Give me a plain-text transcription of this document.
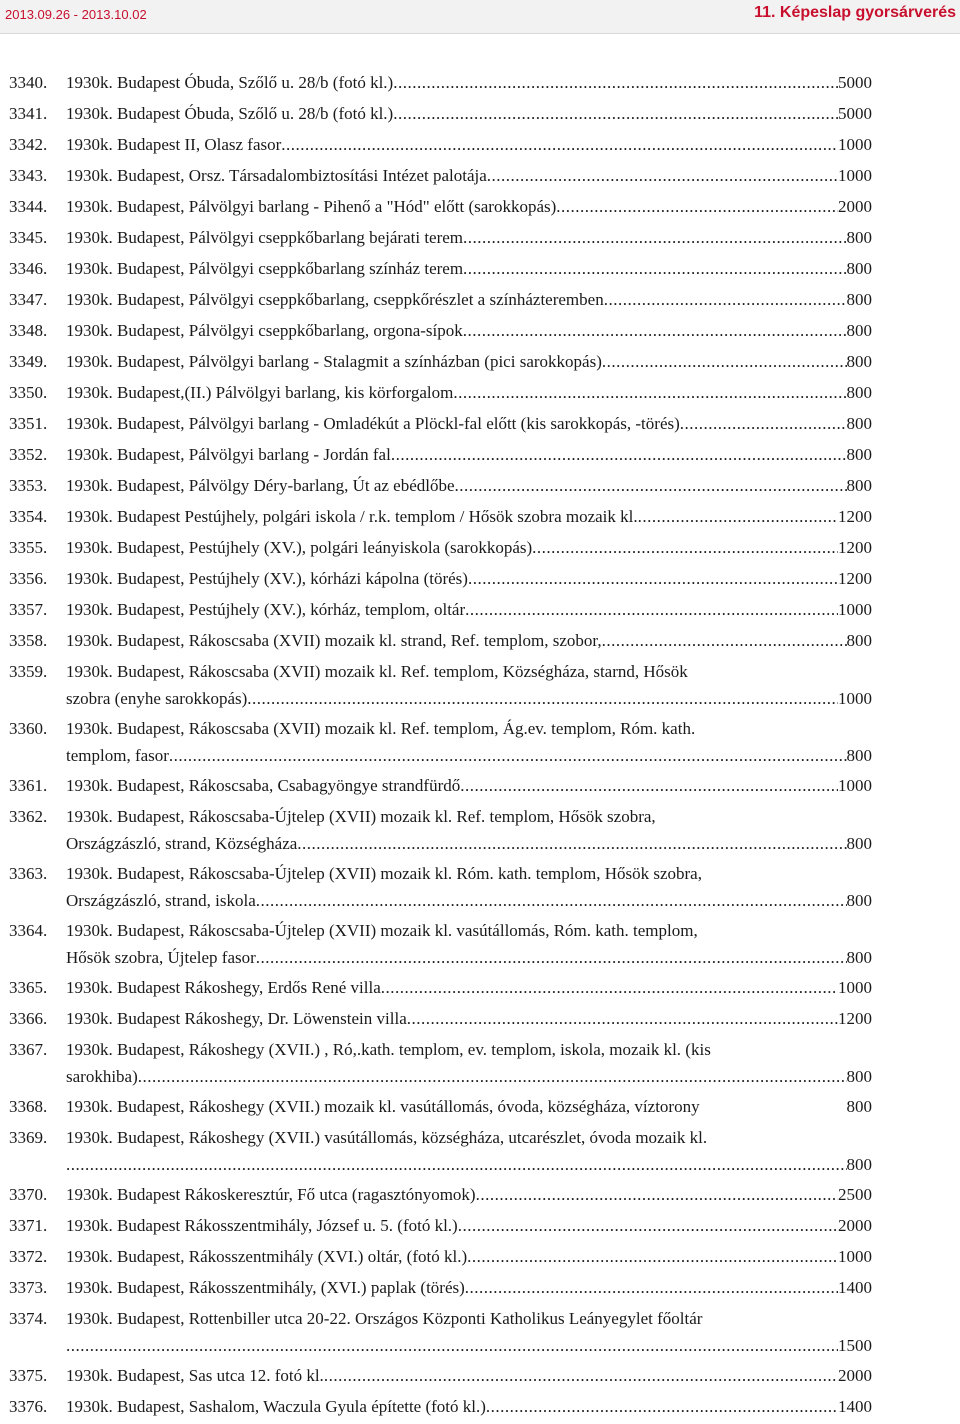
2013.09.26 - 2013.10.02	11. Képeslap gyorsárverés
3340. 1930k. Budapest Óbuda, Szőlő u. 28/b (fotó kl.) .....	5000
3341. 1930k. Budapest Óbuda, Szőlő u. 28/b (fotó kl.) .....	5000
3342. 1930k. Budapest II, Olasz fasor .....	1000
3343. 1930k. Budapest, Orsz. Társadalombiztosítási Intézet palotája .....	1000
3344. 1930k. Budapest, Pálvölgyi barlang - Pihenő a "Hód" előtt (sarokkopás) .....	2000
3345. 1930k. Budapest, Pálvölgyi cseppkőbarlang bejárati terem .....	800
3346. 1930k. Budapest, Pálvölgyi cseppkőbarlang színház terem .....	800
3347. 1930k. Budapest, Pálvölgyi cseppkőbarlang, cseppkőrészlet a színházteremben .....	800
3348. 1930k. Budapest, Pálvölgyi cseppkőbarlang, orgona-sípok .....	800
3349. 1930k. Budapest, Pálvölgyi barlang - Stalagmit a színházban (pici sarokkopás) .....	800
3350. 1930k. Budapest,(II.) Pálvölgyi barlang, kis körforgalom .....	800
3351. 1930k. Budapest, Pálvölgyi barlang - Omladékút a Plöckl-fal előtt (kis sarokkopás, -törés) .....	800
3352. 1930k. Budapest, Pálvölgyi barlang - Jordán fal .....	800
3353. 1930k. Budapest, Pálvölgy Déry-barlang, Út az ebédlőbe .....	800
3354. 1930k. Budapest Pestújhely, polgári iskola / r.k. templom / Hősök szobra mozaik kl. .....	1200
3355. 1930k. Budapest, Pestújhely (XV.), polgári leányiskola (sarokkopás) .....	1200
3356. 1930k. Budapest, Pestújhely (XV.), kórházi kápolna (törés) .....	1200
3357. 1930k. Budapest, Pestújhely (XV.), kórház, templom, oltár .....	1000
3358. 1930k. Budapest, Rákoscsaba (XVII) mozaik kl. strand, Ref. templom, szobor, .....	800
3359. 1930k. Budapest, Rákoscsaba (XVII) mozaik kl. Ref. templom, Községháza, starnd, Hősök
szobra (enyhe sarokkopás) .....	1000
3360. 1930k. Budapest, Rákoscsaba (XVII) mozaik kl. Ref. templom, Ág.ev. templom, Róm. kath.
templom, fasor .....	800
3361. 1930k. Budapest, Rákoscsaba, Csabagyöngye strandfürdő .....	1000
3362. 1930k. Budapest, Rákoscsaba-Újtelep (XVII) mozaik kl. Ref. templom, Hősök szobra,
Országzászló, strand, Községháza .....	800
3363. 1930k. Budapest, Rákoscsaba-Újtelep (XVII) mozaik kl. Róm. kath. templom, Hősök szobra,
Országzászló, strand, iskola .....	800
3364. 1930k. Budapest, Rákoscsaba-Újtelep (XVII) mozaik kl. vasútállomás, Róm. kath. templom,
Hősök szobra, Újtelep fasor .....	800
3365. 1930k. Budapest Rákoshegy, Erdős René villa .....	1000
3366. 1930k. Budapest Rákoshegy, Dr. Löwenstein villa .....	1200
3367. 1930k. Budapest, Rákoshegy (XVII.) , Ró,.kath. templom, ev. templom, iskola, mozaik kl. (kis
sarokhiba) .....	800
3368. 1930k. Budapest, Rákoshegy (XVII.) mozaik kl. vasútállomás, óvoda, községháza, víztorony	800
3369. 1930k. Budapest, Rákoshegy (XVII.) vasútállomás, községháza, utcarészlet, óvoda mozaik kl.
.....
800
3370. 1930k. Budapest Rákoskeresztúr, Fő utca (ragasztónyomok) .....	2500
3371. 1930k. Budapest Rákosszentmihály, József u. 5. (fotó kl.) .....	2000
3372. 1930k. Budapest, Rákosszentmihály (XVI.) oltár, (fotó kl.) .....	1000
3373. 1930k. Budapest, Rákosszentmihály, (XVI.) paplak (törés) .....	1400
3374. 1930k. Budapest, Rottenbiller utca 20-22. Országos Központi Katholikus Leányegylet főoltár
.....
1500
3375. 1930k. Budapest, Sas utca 12. fotó kl. .....	2000
3376. 1930k. Budapest, Sashalom, Waczula Gyula építette (fotó kl.) .....	1400
